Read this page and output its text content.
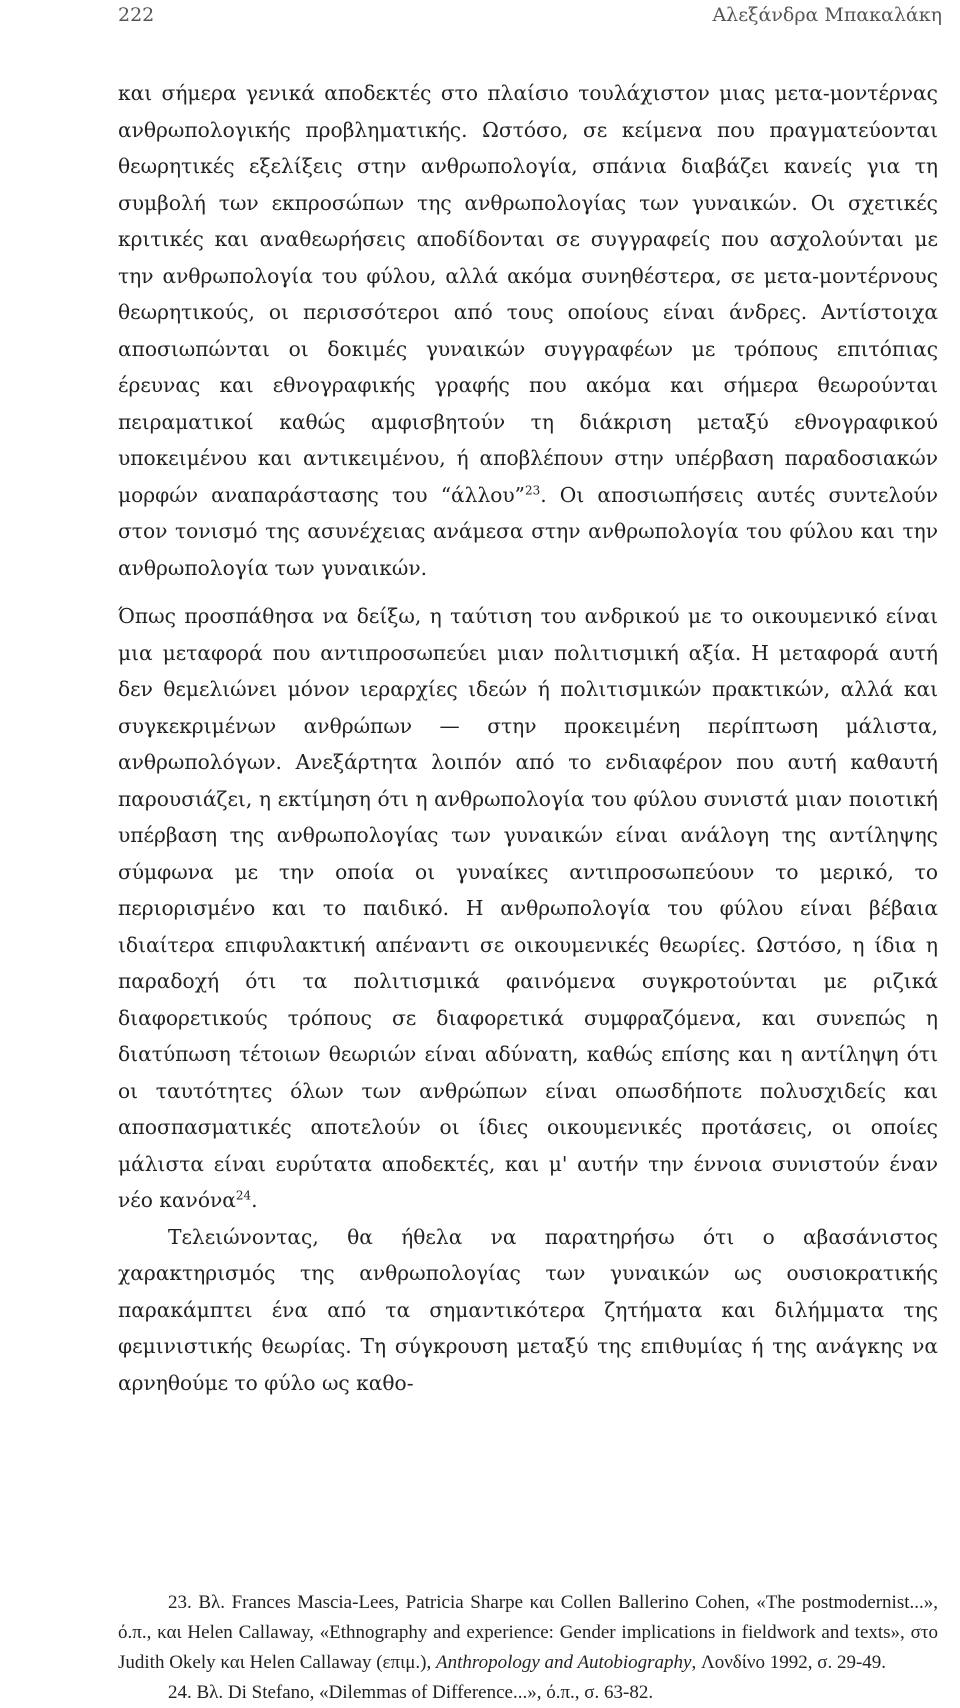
222	Αλεξάνδρα Μπακαλάκη

και σήμερα γενικά αποδεκτές στο πλαίσιο τουλάχιστον μιας μετα-μοντέρνας ανθρωπολογικής προβληματικής. Ωστόσο, σε κείμενα που πραγματεύονται θεωρητικές εξελίξεις στην ανθρωπολογία, σπάνια διαβάζει κανείς για τη συμβολή των εκπροσώπων της ανθρωπολογίας των γυναικών. Οι σχετικές κριτικές και αναθεωρήσεις αποδίδονται σε συγγραφείς που ασχολούνται με την ανθρωπολογία του φύλου, αλλά ακόμα συνηθέστερα, σε μετα-μοντέρνους θεωρητικούς, οι περισσότεροι από τους οποίους είναι άνδρες. Αντίστοιχα αποσιωπώνται οι δοκιμές γυναικών συγγραφέων με τρόπους επιτόπιας έρευνας και εθνογραφικής γραφής που ακόμα και σήμερα θεωρούνται πειραματικοί καθώς αμφισβητούν τη διάκριση μεταξύ εθνογραφικού υποκειμένου και αντικειμένου, ή αποβλέπουν στην υπέρβαση παραδοσιακών μορφών αναπαράστασης του “άλλου”$^{23}$. Οι αποσιωπήσεις αυτές συντελούν στον τονισμό της ασυνέχειας ανάμεσα στην ανθρωπολογία του φύλου και την ανθρωπολογία των γυναικών.

Όπως προσπάθησα να δείξω, η ταύτιση του ανδρικού με το οικουμενικό είναι μια μεταφορά που αντιπροσωπεύει μιαν πολιτισμική αξία. Η μεταφορά αυτή δεν θεμελιώνει μόνον ιεραρχίες ιδεών ή πολιτισμικών πρακτικών, αλλά και συγκεκριμένων ανθρώπων — στην προκειμένη περίπτωση μάλιστα, ανθρωπολόγων. Ανεξάρτητα λοιπόν από το ενδιαφέρον που αυτή καθαυτή παρουσιάζει, η εκτίμηση ότι η ανθρωπολογία του φύλου συνιστά μιαν ποιοτική υπέρβαση της ανθρωπολογίας των γυναικών είναι ανάλογη της αντίληψης σύμφωνα με την οποία οι γυναίκες αντιπροσωπεύουν το μερικό, το περιορισμένο και το παιδικό. Η ανθρωπολογία του φύλου είναι βέβαια ιδιαίτερα επιφυλακτική απέναντι σε οικουμενικές θεωρίες. Ωστόσο, η ίδια η παραδοχή ότι τα πολιτισμικά φαινόμενα συγκροτούνται με ριζικά διαφορετικούς τρόπους σε διαφορετικά συμφραζόμενα, και συνεπώς η διατύπωση τέτοιων θεωριών είναι αδύνατη, καθώς επίσης και η αντίληψη ότι οι ταυτότητες όλων των ανθρώπων είναι οπωσδήποτε πολυσχιδείς και αποσπασματικές αποτελούν οι ίδιες οικουμενικές προτάσεις, οι οποίες μάλιστα είναι ευρύτατα αποδεκτές, και μ' αυτήν την έννοια συνιστούν έναν νέο κανόνα$^{24}$.

Τελειώνοντας, θα ήθελα να παρατηρήσω ότι ο αβασάνιστος χαρακτηρισμός της ανθρωπολογίας των γυναικών ως ουσιοκρατικής παρακάμπτει ένα από τα σημαντικότερα ζητήματα και διλήμματα της φεμινιστικής θεωρίας. Τη σύγκρουση μεταξύ της επιθυμίας ή της ανάγκης να αρνηθούμε το φύλο ως καθο-

23. Βλ. Frances Mascia-Lees, Patricia Sharpe και Collen Ballerino Cohen, «The postmodernist...», ό.π., και Helen Callaway, «Ethnography and experience: Gender implications in fieldwork and texts», στο Judith Okely και Helen Callaway (επιμ.), Anthropology and Autobiography, Λονδίνο 1992, σ. 29-49.

24. Βλ. Di Stefano, «Dilemmas of Difference...», ό.π., σ. 63-82.
